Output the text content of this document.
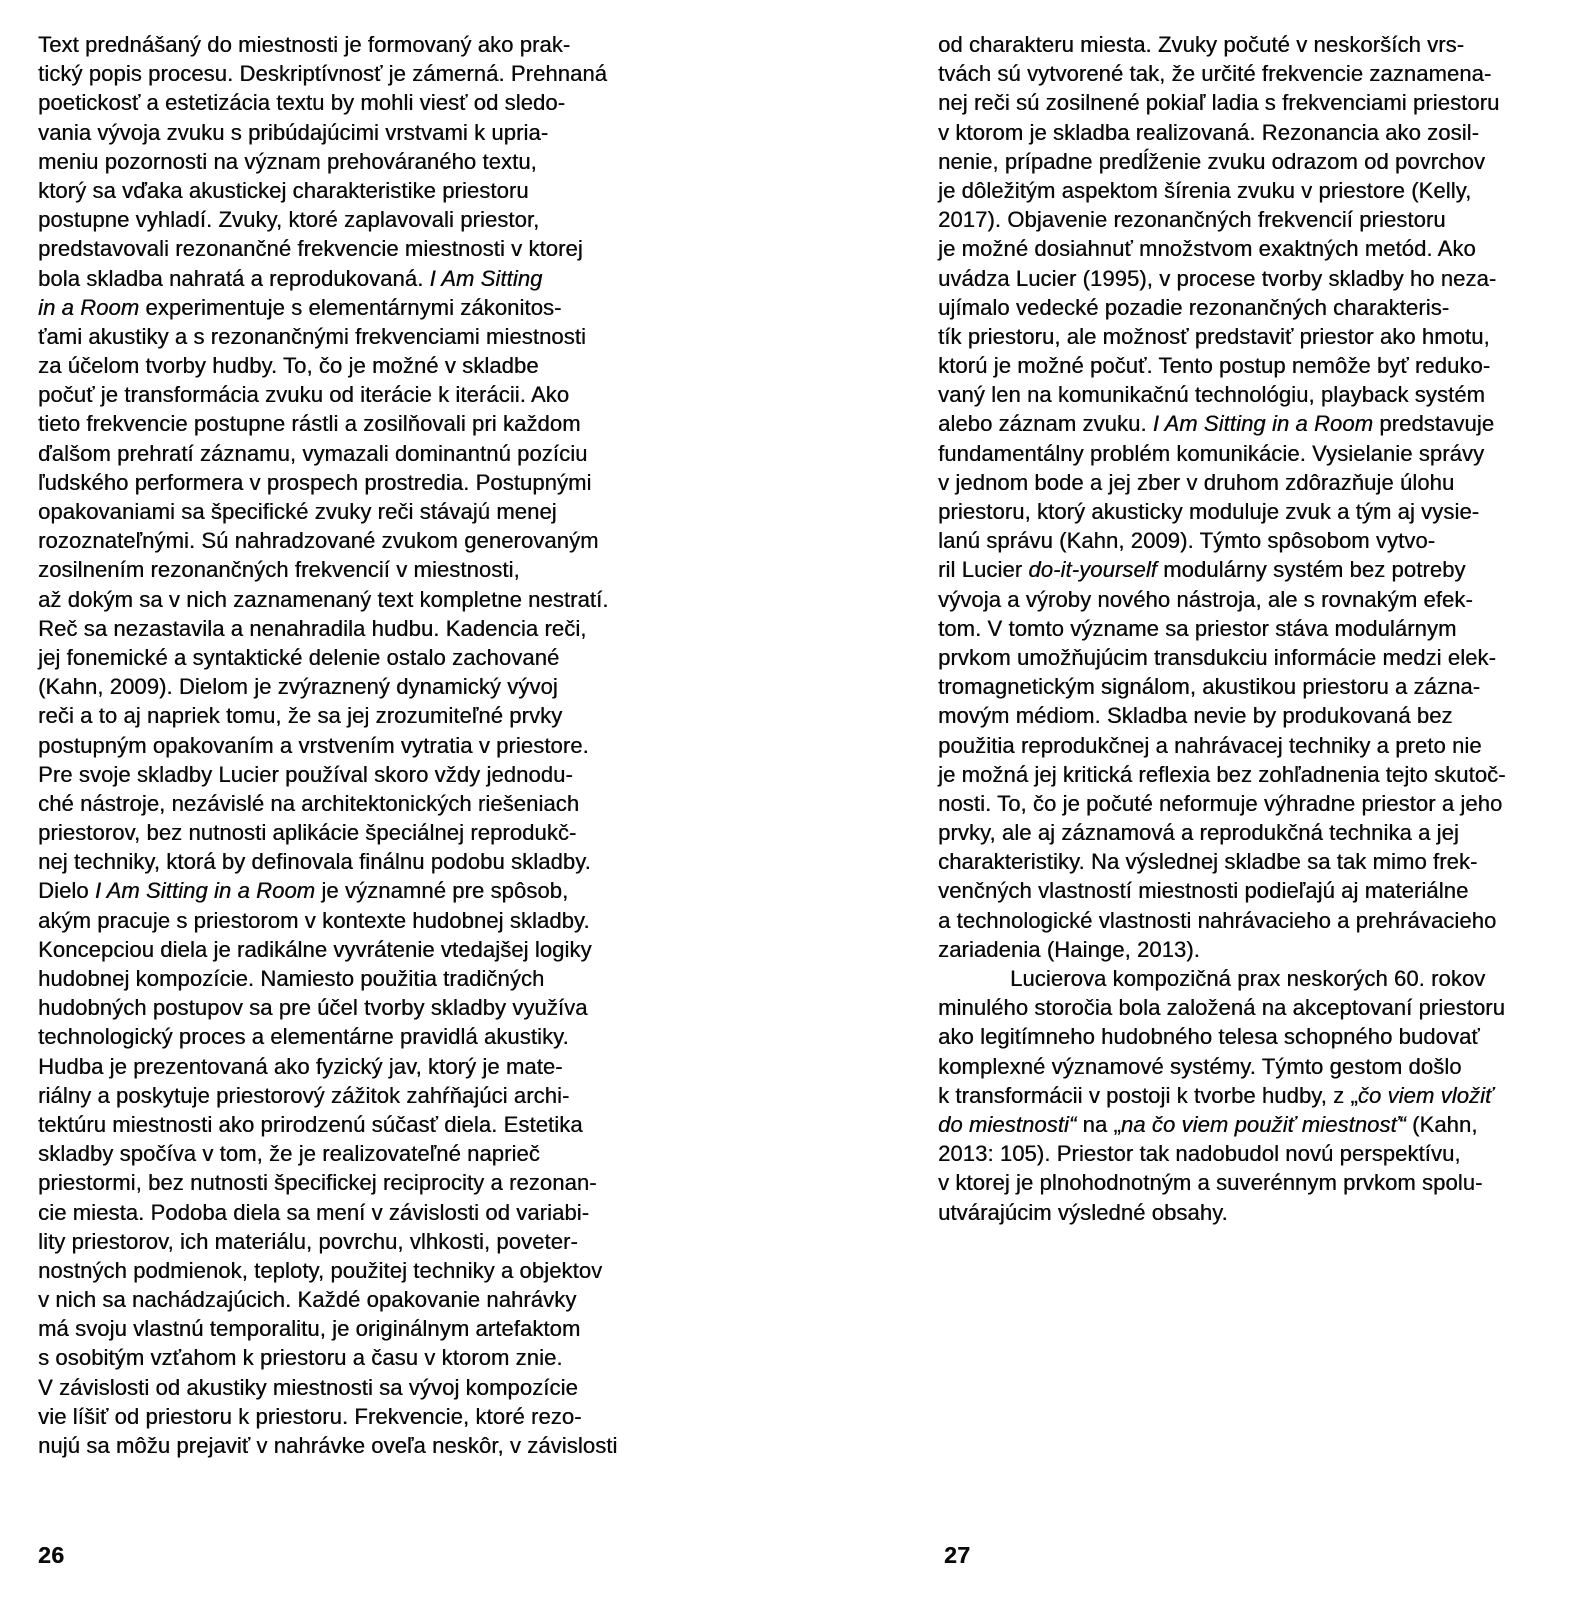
Text prednášaný do miestnosti je formovaný ako prak-
tický popis procesu. Deskriptívnosť je zámerná. Prehnaná
poetickosť a estetizácia textu by mohli viesť od sledo-
vania vývoja zvuku s pribúdajúcimi vrstvami k upria-
meniu pozornosti na význam prehováraného textu,
ktorý sa vďaka akustickej charakteristike priestoru
postupne vyhladí. Zvuky, ktoré zaplavovali priestor,
predstavovali rezonančné frekvencie miestnosti v ktorej
bola skladba nahratá a reprodukovaná. I Am Sitting
in a Room experimentuje s elementárnymi zákonitos-
ťami akustiky a s rezonančnými frekvenciami miestnosti
za účelom tvorby hudby. To, čo je možné v skladbe
počuť je transformácia zvuku od iterácie k iterácii. Ako
tieto frekvencie postupne rástli a zosilňovali pri každom
ďalšom prehratí záznamu, vymazali dominantnú pozíciu
ľudského performera v prospech prostredia. Postupnými
opakovaniami sa špecifické zvuky reči stávajú menej
rozoznateľnými. Sú nahradzované zvukom generovaným
zosilnením rezonančných frekvencií v miestnosti,
až dokým sa v nich zaznamenaný text kompletne nestratí.
Reč sa nezastavila a nenahradila hudbu. Kadencia reči,
jej fonemické a syntaktické delenie ostalo zachované
(Kahn, 2009). Dielom je zvýraznený dynamický vývoj
reči a to aj napriek tomu, že sa jej zrozumiteľné prvky
postupným opakovaním a vrstvením vytratia v priestore.
Pre svoje skladby Lucier používal skoro vždy jednodu-
ché nástroje, nezávislé na architektonických riešeniach
priestorov, bez nutnosti aplikácie špeciálnej reprodukč-
nej techniky, ktorá by definovala finálnu podobu skladby.
Dielo I Am Sitting in a Room je významné pre spôsob,
akým pracuje s priestorom v kontexte hudobnej skladby.
Koncepciou diela je radikálne vyvrátenie vtedajšej logiky
hudobnej kompozície. Namiesto použitia tradičných
hudobných postupov sa pre účel tvorby skladby využíva
technologický proces a elementárne pravidlá akustiky.
Hudba je prezentovaná ako fyzický jav, ktorý je mate-
riálny a poskytuje priestorový zážitok zahŕňajúci archi-
tektúru miestnosti ako prirodzenú súčasť diela. Estetika
skladby spočíva v tom, že je realizovateľné naprieč
priestormi, bez nutnosti špecifickej reciprocity a rezonan-
cie miesta. Podoba diela sa mení v závislosti od variabi-
lity priestorov, ich materiálu, povrchu, vlhkosti, poveter-
nostných podmienok, teploty, použitej techniky a objektov
v nich sa nachádzajúcich. Každé opakovanie nahrávky
má svoju vlastnú temporalitu, je originálnym artefaktom
s osobitým vzťahom k priestoru a času v ktorom znie.
V závislosti od akustiky miestnosti sa vývoj kompozície
vie líšiť od priestoru k priestoru. Frekvencie, ktoré rezo-
nujú sa môžu prejaviť v nahrávke oveľa neskôr, v závislosti
od charakteru miesta. Zvuky počuté v neskorších vrs-
tvách sú vytvorené tak, že určité frekvencie zaznamena-
nej reči sú zosilnené pokiaľ ladia s frekvenciami priestoru
v ktorom je skladba realizovaná. Rezonancia ako zosil-
nenie, prípadne predĺženie zvuku odrazom od povrchov
je dôležitým aspektom šírenia zvuku v priestore (Kelly,
2017). Objavenie rezonančných frekvencií priestoru
je možné dosiahnuť množstvom exaktných metód. Ako
uvádza Lucier (1995), v procese tvorby skladby ho neza-
ujímalo vedecké pozadie rezonančných charakteris-
tík priestoru, ale možnosť predstaviť priestor ako hmotu,
ktorú je možné počuť. Tento postup nemôže byť reduko-
vaný len na komunikačnú technológiu, playback systém
alebo záznam zvuku. I Am Sitting in a Room predstavuje
fundamentálny problém komunikácie. Vysielanie správy
v jednom bode a jej zber v druhom zdôrazňuje úlohu
priestoru, ktorý akusticky moduluje zvuk a tým aj vysie-
lanú správu (Kahn, 2009). Týmto spôsobom vytvo-
ril Lucier do-it-yourself modulárny systém bez potreby
vývoja a výroby nového nástroja, ale s rovnakým efek-
tom. V tomto význame sa priestor stáva modulárnym
prvkom umožňujúcim transdukciu informácie medzi elek-
tromagnetickým signálom, akustikou priestoru a zázna-
movým médiom. Skladba nevie by produkovaná bez
použitia reprodukčnej a nahrávacej techniky a preto nie
je možná jej kritická reflexia bez zohľadnenia tejto skutoč-
nosti. To, čo je počuté neformuje výhradne priestor a jeho
prvky, ale aj záznamová a reprodukčná technika a jej
charakteristiky. Na výslednej skladbe sa tak mimo frek-
venčných vlastností miestnosti podieľajú aj materiálne
a technologické vlastnosti nahrávacieho a prehrávacieho
zariadenia (Hainge, 2013).
Lucierova kompozičná prax neskorých 60. rokov
minulého storočia bola založená na akceptovaní priestoru
ako legitímneho hudobného telesa schopného budovať
komplexné významové systémy. Týmto gestom došlo
k transformácii v postoji k tvorbe hudby, z „čo viem vložiť
do miestnosti“ na „na čo viem použiť miestnosť“ (Kahn,
2013: 105). Priestor tak nadobudol novú perspektívu,
v ktorej je plnohodnotným a suverénnym prvkom spolu-
utvárajúcim výsledné obsahy.
26	27
